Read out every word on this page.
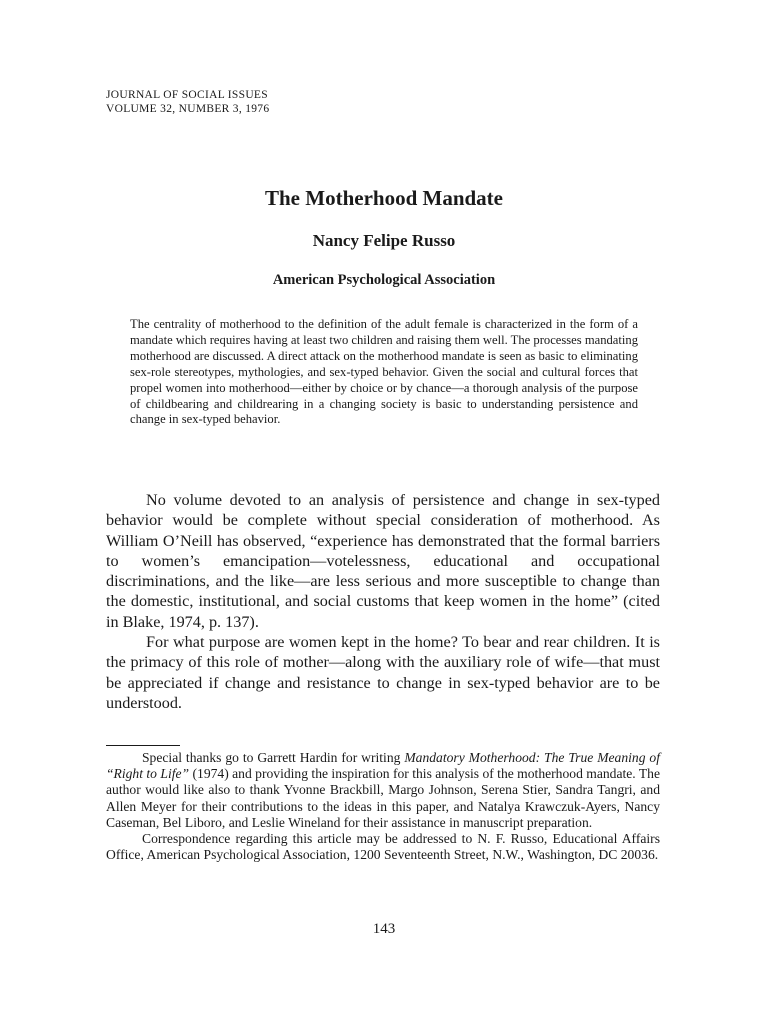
JOURNAL OF SOCIAL ISSUES
VOLUME 32, NUMBER 3, 1976
The Motherhood Mandate
Nancy Felipe Russo
American Psychological Association

The centrality of motherhood to the definition of the adult female is characterized in the form of a mandate which requires having at least two children and raising them well. The processes mandating motherhood are discussed. A direct attack on the motherhood mandate is seen as basic to eliminating sex-role stereotypes, mythologies, and sex-typed behavior. Given the social and cultural forces that propel women into motherhood—either by choice or by chance—a thorough analysis of the purpose of childbearing and childrearing in a changing society is basic to understanding persistence and change in sex-typed behavior.

No volume devoted to an analysis of persistence and change in sex-typed behavior would be complete without special consideration of motherhood. As William O’Neill has observed, “experience has demonstrated that the formal barriers to women’s emancipation—votelessness, educational and occupational discriminations, and the like—are less serious and more susceptible to change than the domestic, institutional, and social customs that keep women in the home” (cited in Blake, 1974, p. 137).

For what purpose are women kept in the home? To bear and rear children. It is the primacy of this role of mother—along with the auxiliary role of wife—that must be appreciated if change and resistance to change in sex-typed behavior are to be understood.

Special thanks go to Garrett Hardin for writing Mandatory Motherhood: The True Meaning of “Right to Life” (1974) and providing the inspiration for this analysis of the motherhood mandate. The author would like also to thank Yvonne Brackbill, Margo Johnson, Serena Stier, Sandra Tangri, and Allen Meyer for their contributions to the ideas in this paper, and Natalya Krawczuk-Ayers, Nancy Caseman, Bel Liboro, and Leslie Wineland for their assistance in manuscript preparation.

Correspondence regarding this article may be addressed to N. F. Russo, Educational Affairs Office, American Psychological Association, 1200 Seventeenth Street, N.W., Washington, DC 20036.

143
